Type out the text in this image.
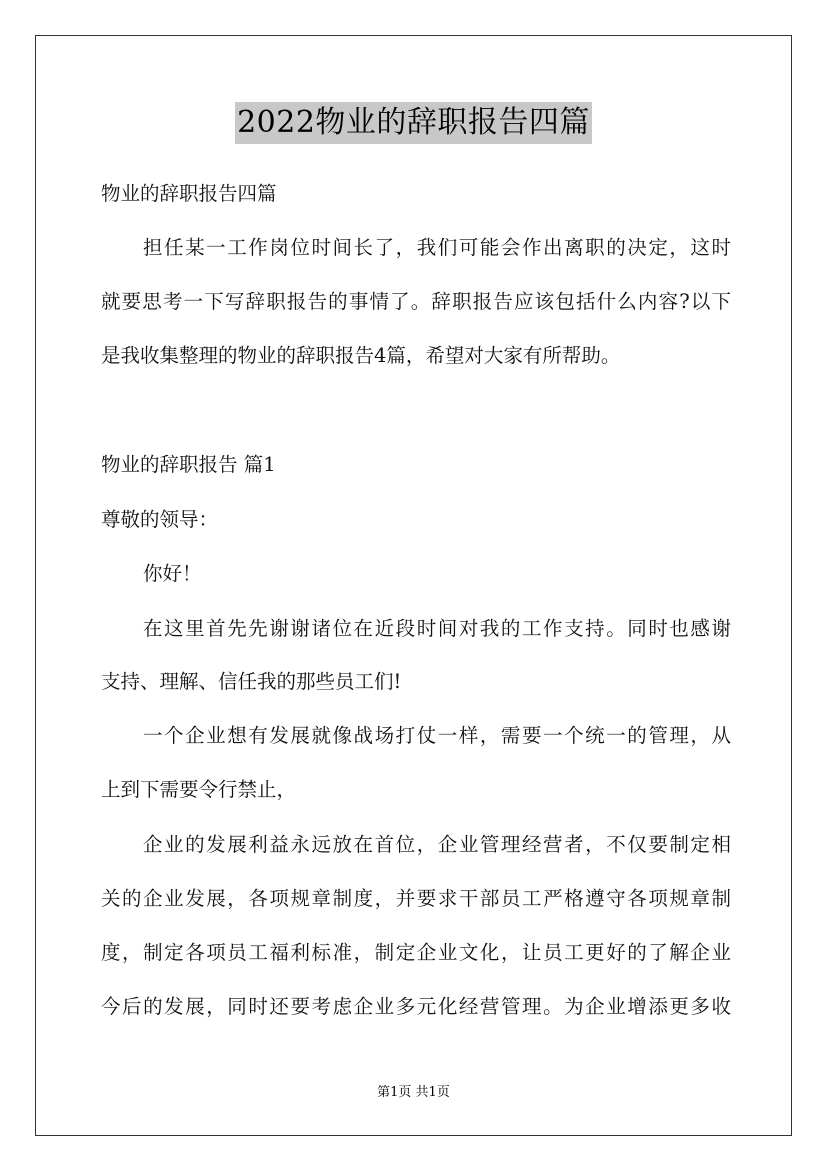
2022物业的辞职报告四篇
物业的辞职报告四篇
担任某一工作岗位时间长了，我们可能会作出离职的决定，这时
就要思考一下写辞职报告的事情了。辞职报告应该包括什么内容?以下
是我收集整理的物业的辞职报告4篇，希望对大家有所帮助。
物业的辞职报告 篇1
尊敬的领导：
你好！
在这里首先先谢谢诸位在近段时间对我的工作支持。同时也感谢
支持、理解、信任我的那些员工们!
一个企业想有发展就像战场打仗一样，需要一个统一的管理，从
上到下需要令行禁止，
企业的发展利益永远放在首位，企业管理经营者，不仅要制定相
关的企业发展，各项规章制度，并要求干部员工严格遵守各项规章制
度，制定各项员工福利标准，制定企业文化，让员工更好的了解企业
今后的发展，同时还要考虑企业多元化经营管理。为企业增添更多收
第1页 共1页
